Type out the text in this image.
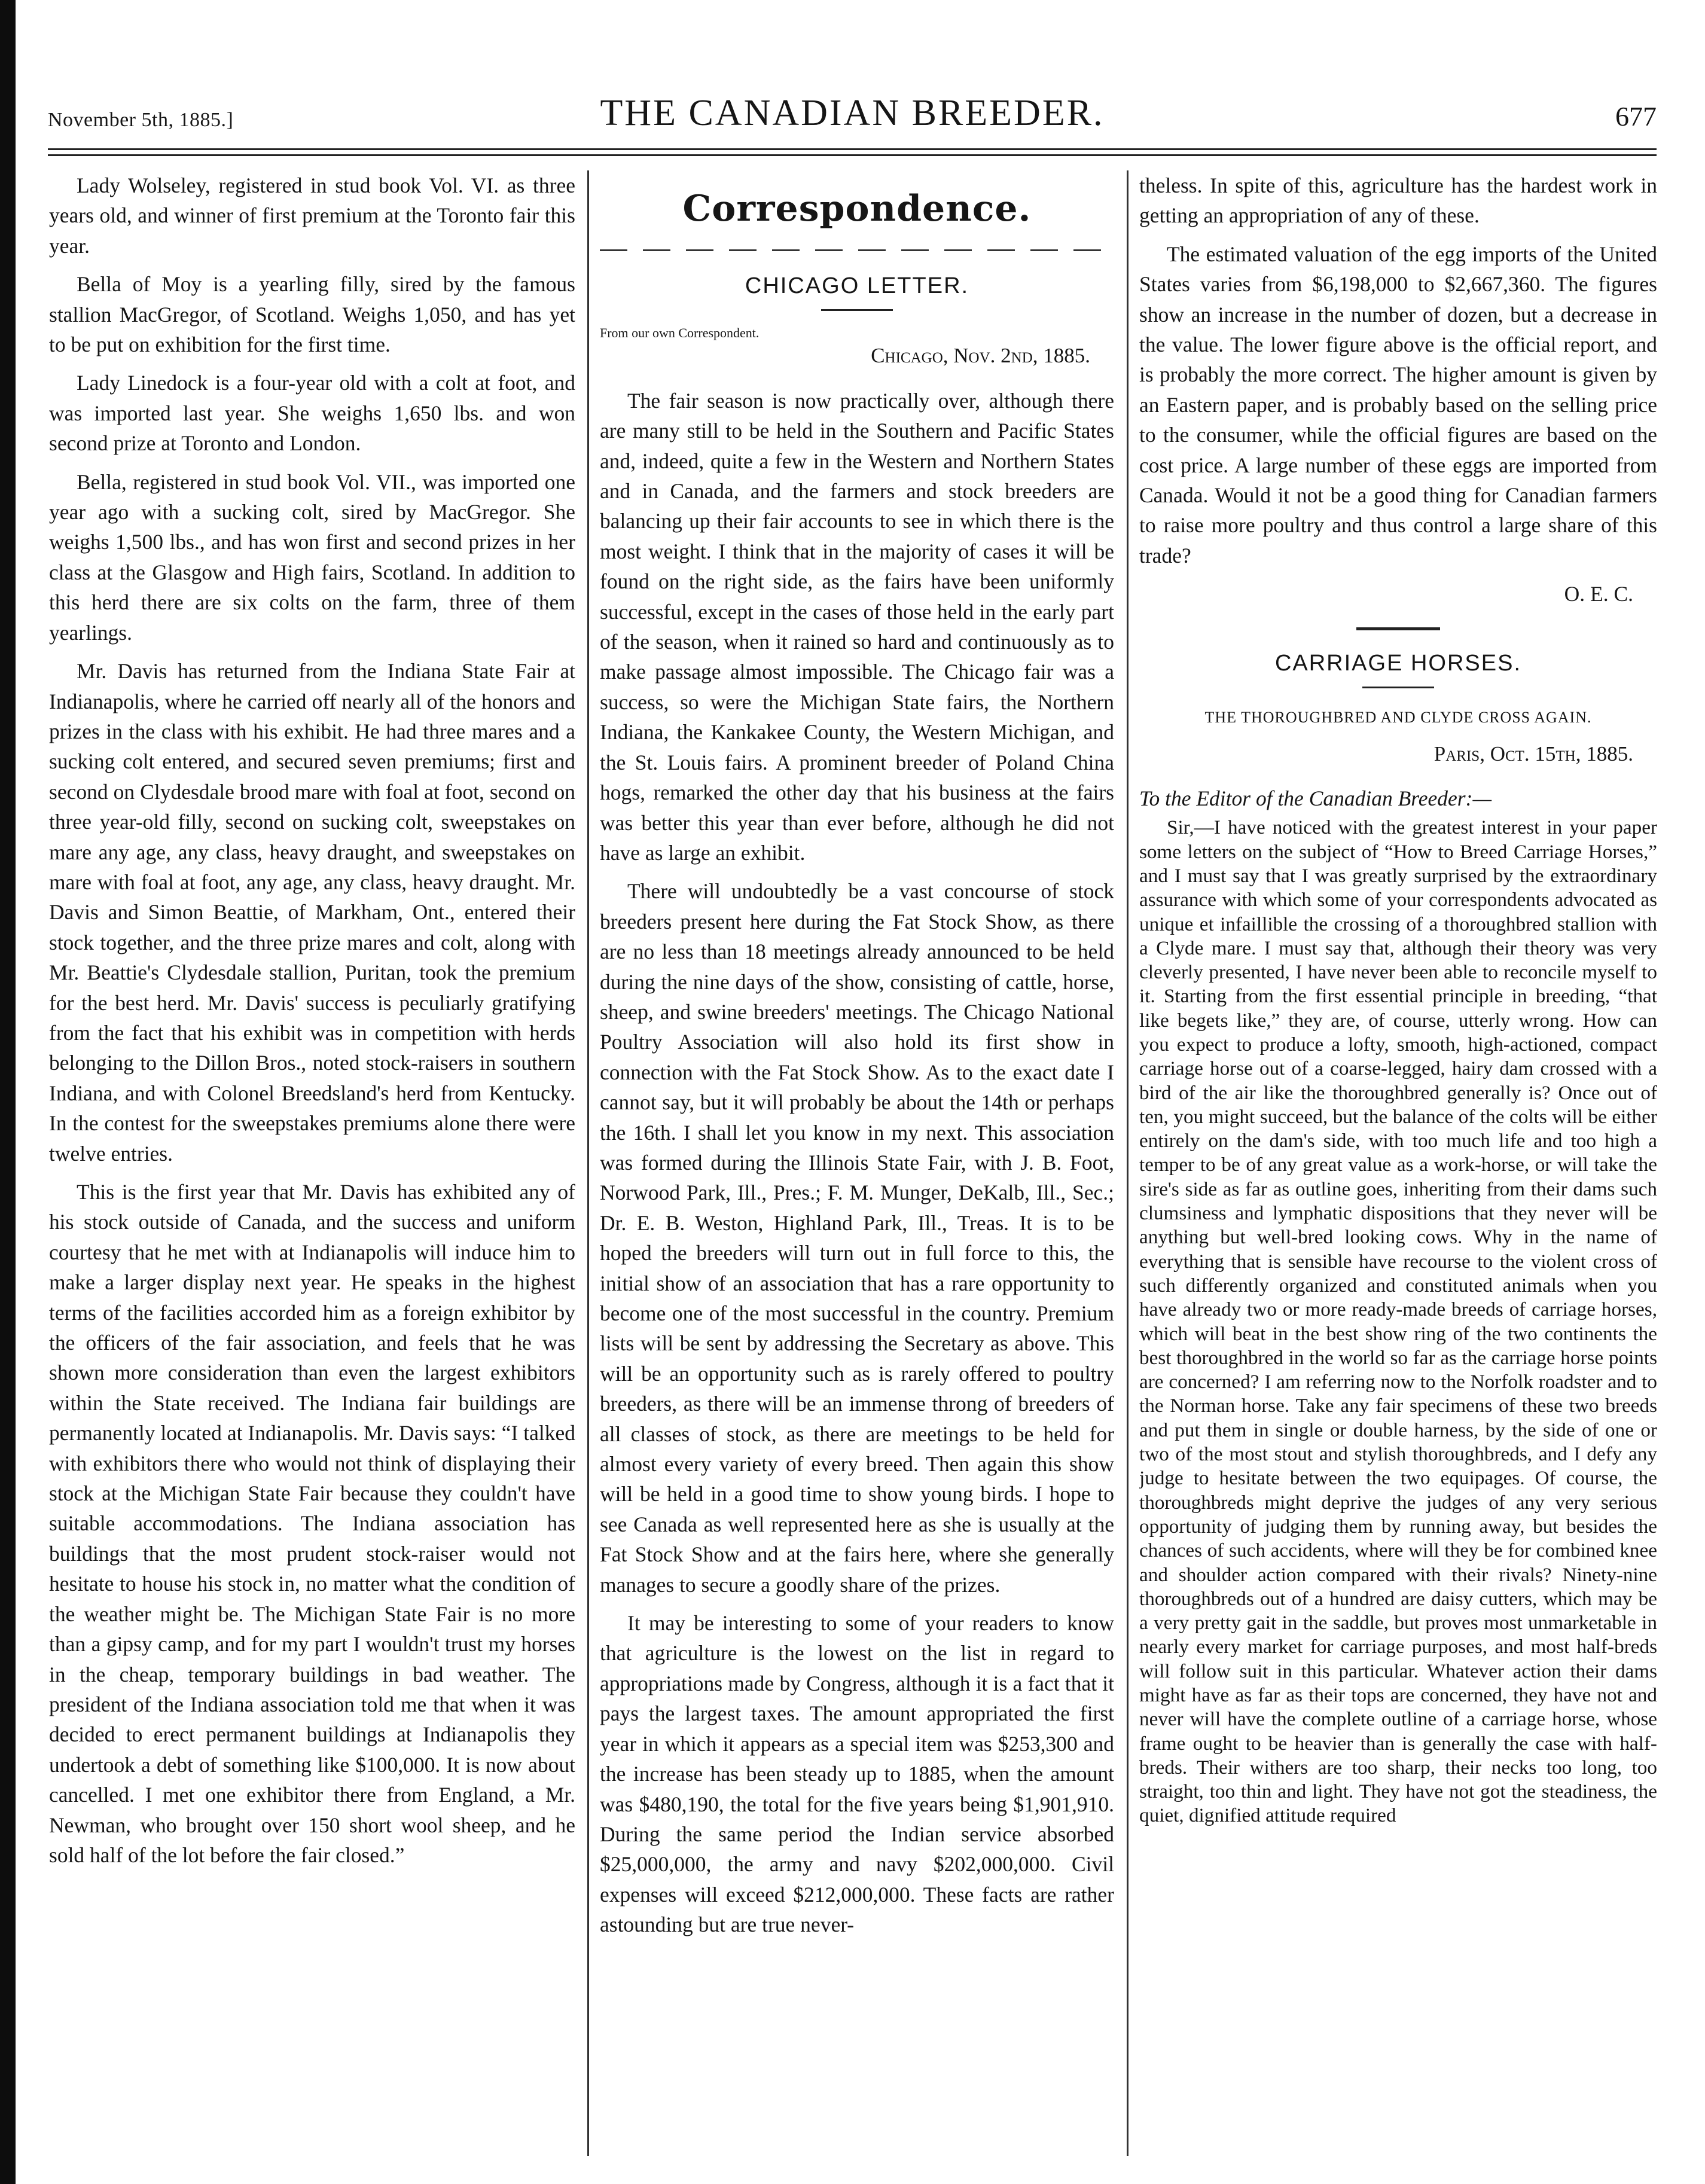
November 5th, 1885.]	THE CANADIAN BREEDER.	677

Lady Wolseley, registered in stud book Vol. VI. as three years old, and winner of first premium at the Toronto fair this year.

Bella of Moy is a yearling filly, sired by the famous stallion MacGregor, of Scotland. Weighs 1,050, and has yet to be put on exhibition for the first time.

Lady Linedock is a four-year old with a colt at foot, and was imported last year. She weighs 1,650 lbs. and won second prize at Toronto and London.

Bella, registered in stud book Vol. VII., was imported one year ago with a sucking colt, sired by MacGregor. She weighs 1,500 lbs., and has won first and second prizes in her class at the Glasgow and High fairs, Scotland. In addition to this herd there are six colts on the farm, three of them yearlings.

Mr. Davis has returned from the Indiana State Fair at Indianapolis, where he carried off nearly all of the honors and prizes in the class with his exhibit. He had three mares and a sucking colt entered, and secured seven premiums; first and second on Clydesdale brood mare with foal at foot, second on three year-old filly, second on sucking colt, sweepstakes on mare any age, any class, heavy draught, and sweepstakes on mare with foal at foot, any age, any class, heavy draught. Mr. Davis and Simon Beattie, of Markham, Ont., entered their stock together, and the three prize mares and colt, along with Mr. Beattie's Clydesdale stallion, Puritan, took the premium for the best herd. Mr. Davis' success is peculiarly gratifying from the fact that his exhibit was in competition with herds belonging to the Dillon Bros., noted stock-raisers in southern Indiana, and with Colonel Breedsland's herd from Kentucky. In the contest for the sweepstakes premiums alone there were twelve entries.

This is the first year that Mr. Davis has exhibited any of his stock outside of Canada, and the success and uniform courtesy that he met with at Indianapolis will induce him to make a larger display next year. He speaks in the highest terms of the facilities accorded him as a foreign exhibitor by the officers of the fair association, and feels that he was shown more consideration than even the largest exhibitors within the State received. The Indiana fair buildings are permanently located at Indianapolis. Mr. Davis says: “I talked with exhibitors there who would not think of displaying their stock at the Michigan State Fair because they couldn't have suitable accommodations. The Indiana association has buildings that the most prudent stock-raiser would not hesitate to house his stock in, no matter what the condition of the weather might be. The Michigan State Fair is no more than a gipsy camp, and for my part I wouldn't trust my horses in the cheap, temporary buildings in bad weather. The president of the Indiana association told me that when it was decided to erect permanent buildings at Indianapolis they undertook a debt of something like $100,000. It is now about cancelled. I met one exhibitor there from England, a Mr. Newman, who brought over 150 short wool sheep, and he sold half of the lot before the fair closed.”

Correspondence.
CHICAGO LETTER.
From our own Correspondent.
Chicago, Nov. 2nd, 1885.

The fair season is now practically over, although there are many still to be held in the Southern and Pacific States and, indeed, quite a few in the Western and Northern States and in Canada, and the farmers and stock breeders are balancing up their fair accounts to see in which there is the most weight. I think that in the majority of cases it will be found on the right side, as the fairs have been uniformly successful, except in the cases of those held in the early part of the season, when it rained so hard and continuously as to make passage almost impossible. The Chicago fair was a success, so were the Michigan State fairs, the Northern Indiana, the Kankakee County, the Western Michigan, and the St. Louis fairs. A prominent breeder of Poland China hogs, remarked the other day that his business at the fairs was better this year than ever before, although he did not have as large an exhibit.

There will undoubtedly be a vast concourse of stock breeders present here during the Fat Stock Show, as there are no less than 18 meetings already announced to be held during the nine days of the show, consisting of cattle, horse, sheep, and swine breeders' meetings. The Chicago National Poultry Association will also hold its first show in connection with the Fat Stock Show. As to the exact date I cannot say, but it will probably be about the 14th or perhaps the 16th. I shall let you know in my next. This association was formed during the Illinois State Fair, with J. B. Foot, Norwood Park, Ill., Pres.; F. M. Munger, DeKalb, Ill., Sec.; Dr. E. B. Weston, Highland Park, Ill., Treas. It is to be hoped the breeders will turn out in full force to this, the initial show of an association that has a rare opportunity to become one of the most successful in the country. Premium lists will be sent by addressing the Secretary as above. This will be an opportunity such as is rarely offered to poultry breeders, as there will be an immense throng of breeders of all classes of stock, as there are meetings to be held for almost every variety of every breed. Then again this show will be held in a good time to show young birds. I hope to see Canada as well represented here as she is usually at the Fat Stock Show and at the fairs here, where she generally manages to secure a goodly share of the prizes.

It may be interesting to some of your readers to know that agriculture is the lowest on the list in regard to appropriations made by Congress, although it is a fact that it pays the largest taxes. The amount appropriated the first year in which it appears as a special item was $253,300 and the increase has been steady up to 1885, when the amount was $480,190, the total for the five years being $1,901,910. During the same period the Indian service absorbed $25,000,000, the army and navy $202,000,000. Civil expenses will exceed $212,000,000. These facts are rather astounding but are true never-

theless. In spite of this, agriculture has the hardest work in getting an appropriation of any of these.

The estimated valuation of the egg imports of the United States varies from $6,198,000 to $2,667,360. The figures show an increase in the number of dozen, but a decrease in the value. The lower figure above is the official report, and is probably the more correct. The higher amount is given by an Eastern paper, and is probably based on the selling price to the consumer, while the official figures are based on the cost price. A large number of these eggs are imported from Canada. Would it not be a good thing for Canadian farmers to raise more poultry and thus control a large share of this trade?

O. E. C.
CARRIAGE HORSES.
THE THOROUGHBRED AND CLYDE CROSS AGAIN.
Paris, Oct. 15th, 1885.
To the Editor of the Canadian Breeder:—

Sir,—I have noticed with the greatest interest in your paper some letters on the subject of “How to Breed Carriage Horses,” and I must say that I was greatly surprised by the extraordinary assurance with which some of your correspondents advocated as unique et infaillible the crossing of a thoroughbred stallion with a Clyde mare. I must say that, although their theory was very cleverly presented, I have never been able to reconcile myself to it. Starting from the first essential principle in breeding, “that like begets like,” they are, of course, utterly wrong. How can you expect to produce a lofty, smooth, high-actioned, compact carriage horse out of a coarse-legged, hairy dam crossed with a bird of the air like the thoroughbred generally is? Once out of ten, you might succeed, but the balance of the colts will be either entirely on the dam's side, with too much life and too high a temper to be of any great value as a work-horse, or will take the sire's side as far as outline goes, inheriting from their dams such clumsiness and lymphatic dispositions that they never will be anything but well-bred looking cows. Why in the name of everything that is sensible have recourse to the violent cross of such differently organized and constituted animals when you have already two or more ready-made breeds of carriage horses, which will beat in the best show ring of the two continents the best thoroughbred in the world so far as the carriage horse points are concerned? I am referring now to the Norfolk roadster and to the Norman horse. Take any fair specimens of these two breeds and put them in single or double harness, by the side of one or two of the most stout and stylish thoroughbreds, and I defy any judge to hesitate between the two equipages. Of course, the thoroughbreds might deprive the judges of any very serious opportunity of judging them by running away, but besides the chances of such accidents, where will they be for combined knee and shoulder action compared with their rivals? Ninety-nine thoroughbreds out of a hundred are daisy cutters, which may be a very pretty gait in the saddle, but proves most unmarketable in nearly every market for carriage purposes, and most half-breds will follow suit in this particular. Whatever action their dams might have as far as their tops are concerned, they have not and never will have the complete outline of a carriage horse, whose frame ought to be heavier than is generally the case with half-breds. Their withers are too sharp, their necks too long, too straight, too thin and light. They have not got the steadiness, the quiet, dignified attitude required
